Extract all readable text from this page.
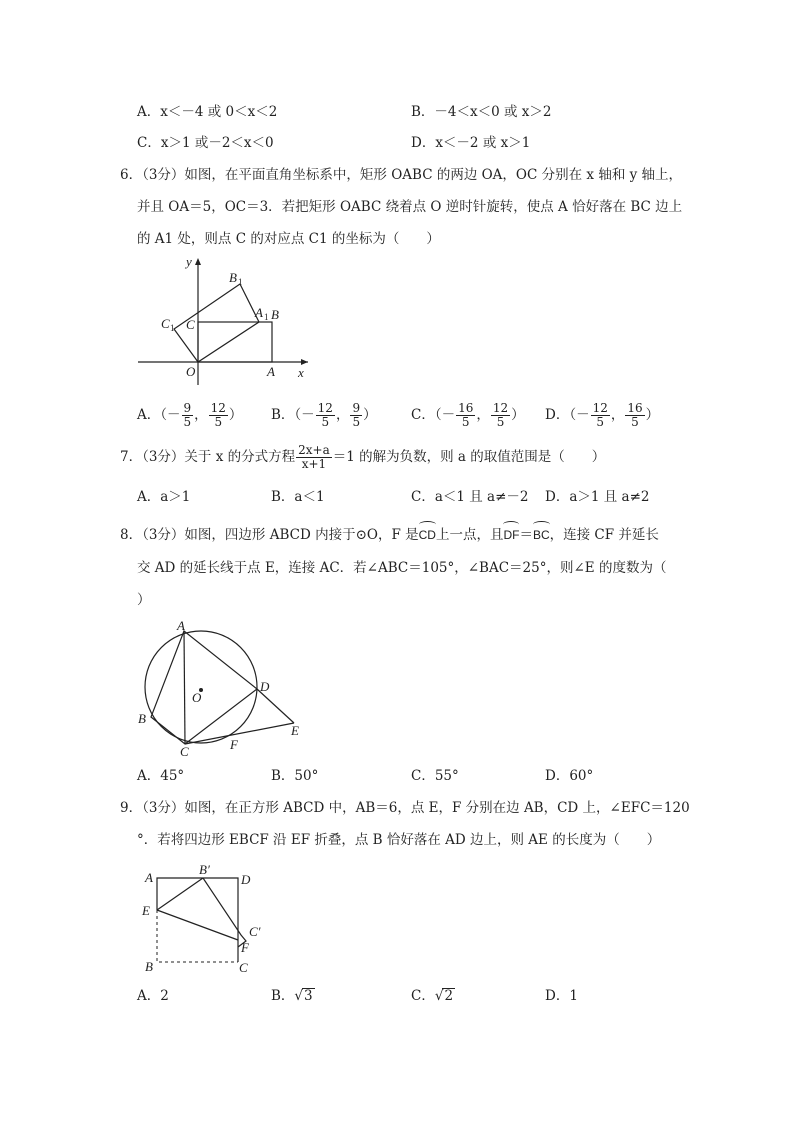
A．x＜－4 或 0＜x＜2	B．－4＜x＜0 或 x＞2
C．x＞1 或－2＜x＜0	D．x＜－2 或 x＞1
6．（3分）如图，在平面直角坐标系中，矩形 OABC 的两边 OA，OC 分别在 x 轴和 y 轴上，
并且 OA＝5，OC＝3．若把矩形 OABC 绕着点 O 逆时针旋转，使点 A 恰好落在 BC 边上
的 A1 处，则点 C 的对应点 C1 的坐标为（　　）
y
x
O	A
B
C
A 1
B 1
C 1
A．（－ $\frac{9}{5}$ ， $\frac{12}{5}$ ） B．（－ $\frac{12}{5}$ ， $\frac{9}{5}$ ）	C．（－ $\frac{16}{5}$ ， $\frac{12}{5}$ ） D．（－ $\frac{12}{5}$ ， $\frac{16}{5}$ ）
7．（3分）关于 x 的分式方程 $\frac{2x+a}{x+1} =1$ 的解为负数，则 a 的取值范围是（　　）
A．a＞1	B．a＜1	C．a＜1 且 a≠－2 D．a＞1 且 a≠2
8．（3分）如图，四边形 ABCD 内接于⊙O，F 是CD上一点，且DF＝BC，连接 CF 并延长
交 AD 的延长线于点 E，连接 AC．若∠ABC＝105°，∠BAC＝25°，则∠E 的度数为（
）
A
B
C
D
E
F
O
A．45°	B．50°	C．55°	D．60°
9．（3分）如图，在正方形 ABCD 中，AB＝6，点 E，F 分别在边 AB，CD 上，∠EFC＝120
°．若将四边形 EBCF 沿 EF 折叠，点 B 恰好落在 AD 边上，则 AE 的长度为（　　）
A
B′
D
E
C′
F
B	C
A．2	B．√3	C．√2	D．1
